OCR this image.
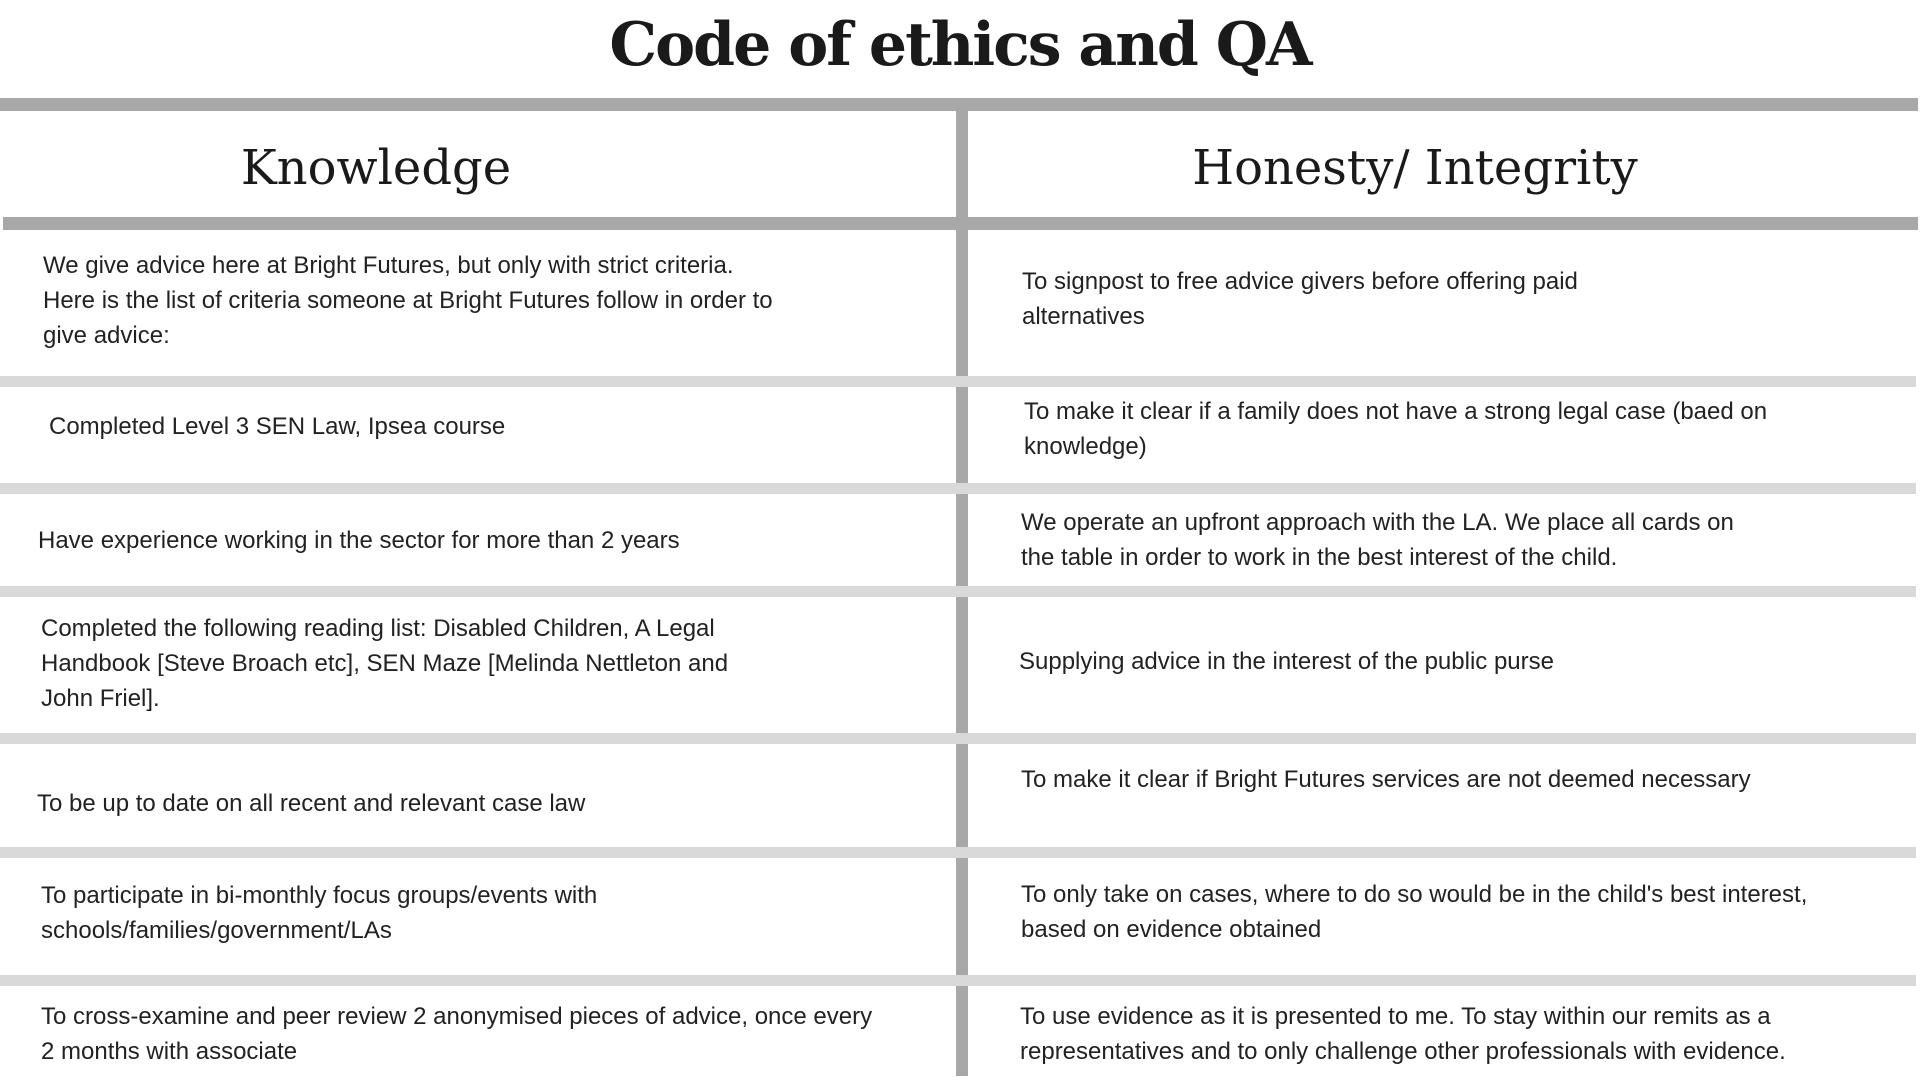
Code of ethics and QA
Knowledge	Honesty/ Integrity
We give advice here at Bright Futures, but only with strict criteria.
Here is the list of criteria someone at Bright Futures follow in order to
give advice:
To signpost to free advice givers before offering paid
alternatives
Completed Level 3 SEN Law, Ipsea course
To make it clear if a family does not have a strong legal case (baed on
knowledge)
Have experience working in the sector for more than 2 years
We operate an upfront approach with the LA. We place all cards on
the table in order to work in the best interest of the child.
Completed the following reading list: Disabled Children, A Legal
Handbook [Steve Broach etc], SEN Maze [Melinda Nettleton and
John Friel].
Supplying advice in the interest of the public purse
To be up to date on all recent and relevant case law
To make it clear if Bright Futures services are not deemed necessary
To participate in bi-monthly focus groups/events with
schools/families/government/LAs
To only take on cases, where to do so would be in the child's best interest,
based on evidence obtained
To cross-examine and peer review 2 anonymised pieces of advice, once every
2 months with associate
To use evidence as it is presented to me. To stay within our remits as a
representatives and to only challenge other professionals with evidence.
